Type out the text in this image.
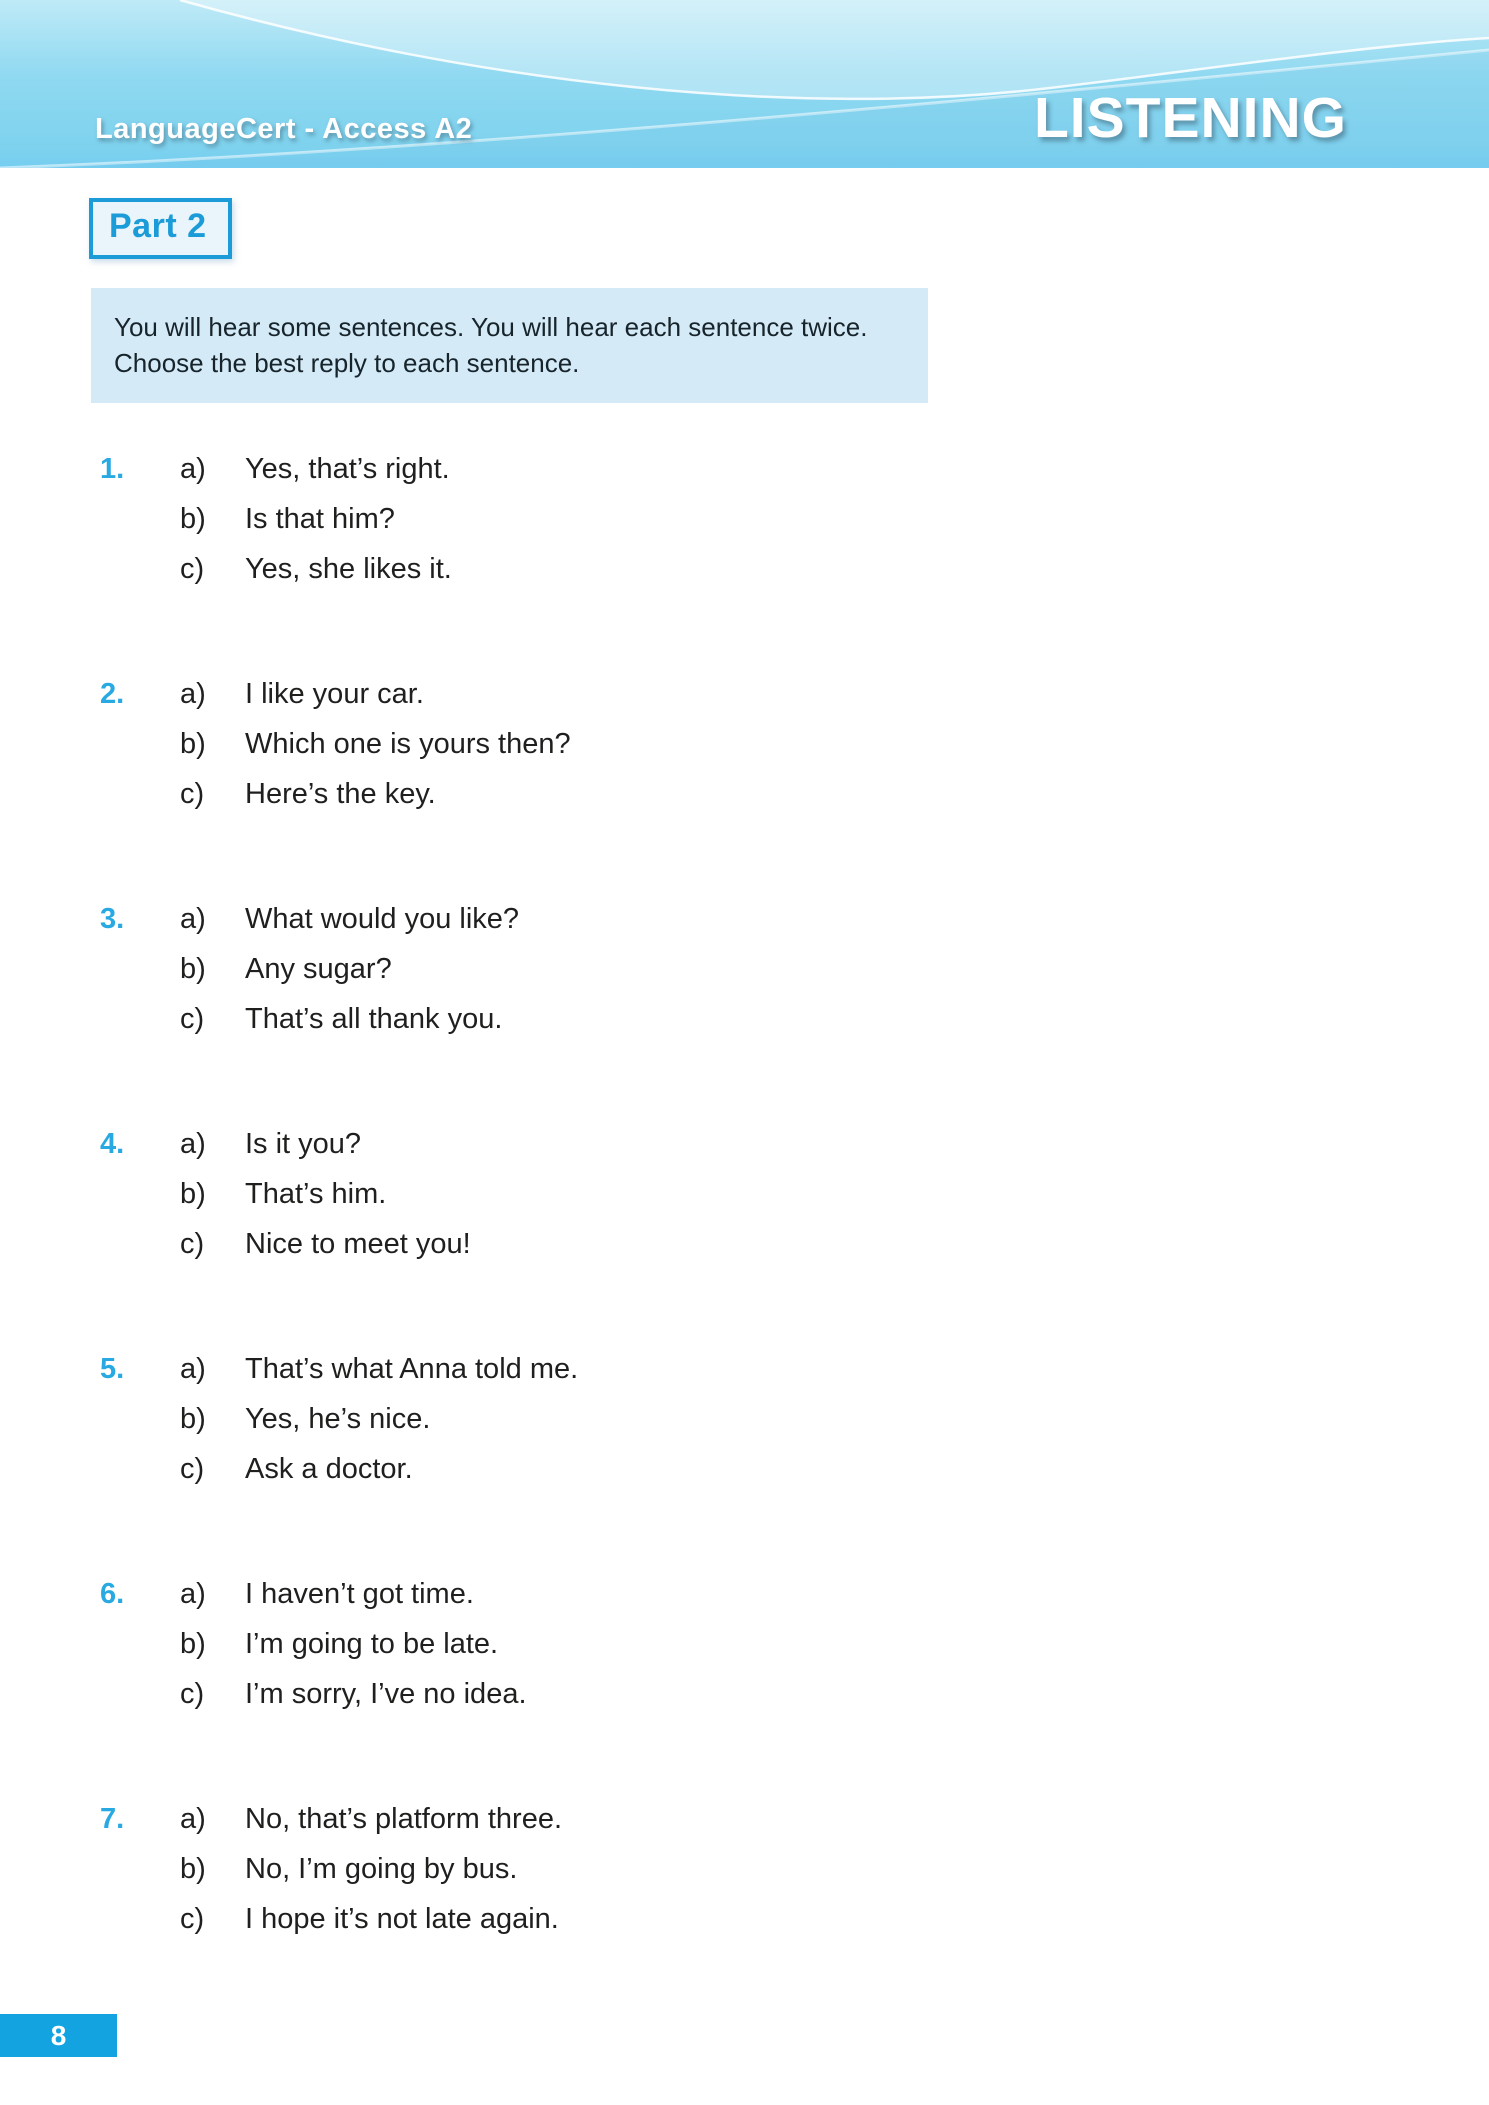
LanguageCert - Access A2	LISTENING
Part 2
You will hear some sentences. You will hear each sentence twice.
Choose the best reply to each sentence.
1.	a) Yes, that’s right.
b) Is that him?
c) Yes, she likes it.
2.	a) I like your car.
b) Which one is yours then?
c) Here’s the key.
3.	a) What would you like?
b) Any sugar?
c) That’s all thank you.
4.	a) Is it you?
b) That’s him.
c) Nice to meet you!
5.	a) That’s what Anna told me.
b) Yes, he’s nice.
c) Ask a doctor.
6.	a) I haven’t got time.
b) I’m going to be late.
c) I’m sorry, I’ve no idea.
7.	a) No, that’s platform three.
b) No, I’m going by bus.
c) I hope it’s not late again.
8
